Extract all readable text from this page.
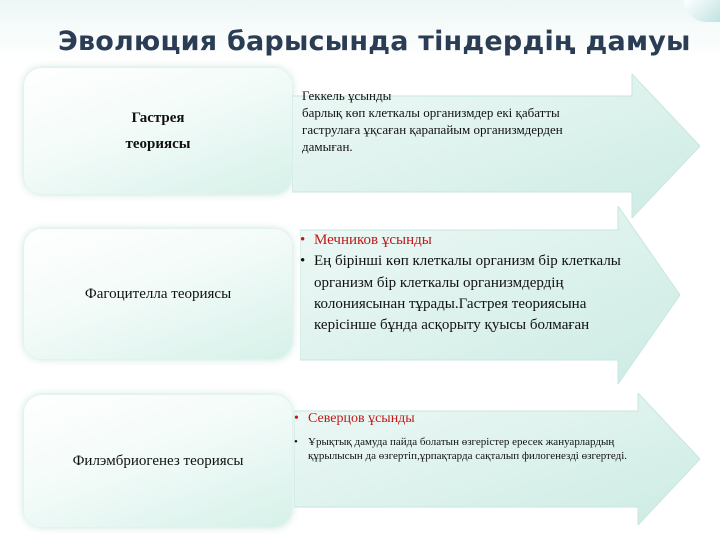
Эволюция барысында тіндердің дамуы
Гастрея теориясы
Геккель ұсынды
барлық көп клеткалы организмдер екі қабатты гаструлаға ұқсаған қарапайым организмдерден дамыған.
Фагоцителла теориясы
• Мечников ұсынды
• Ең бірінші көп клеткалы организм бір клеткалы организм бір клеткалы организмдердің колониясынан тұрады.Гастрея теориясына керісінше бұнда асқорыту қуысы болмаған
Филэмбриогенез теориясы
• Северцов ұсынды
• Ұрықтық дамуда пайда болатын өзгерістер ересек жануарлардың құрылысын да өзгертіп,ұрпақтарда сақталып филогенезді өзгертеді.
